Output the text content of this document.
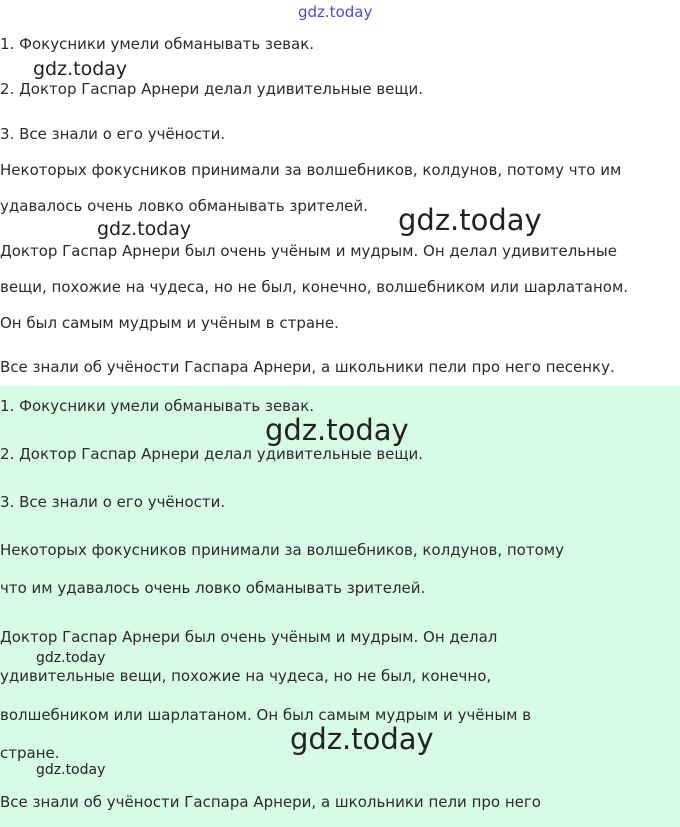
1. Фокусники умели обманывать зевак.
2. Доктор Гаспар Арнери делал удивительные вещи.
3. Все знали о его учёности.
Некоторых фокусников принимали за волшебников, колдунов, потому что им
удавалось очень ловко обманывать зрителей.
Доктор Гаспар Арнери был очень учёным и мудрым. Он делал удивительные
вещи, похожие на чудеса, но не был, конечно, волшебником или шарлатаном.
Он был самым мудрым и учёным в стране.
Все знали об учёности Гаспара Арнери, а школьники пели про него песенку.
1. Фокусники умели обманывать зевак.
2. Доктор Гаспар Арнери делал удивительные вещи.
3. Все знали о его учёности.
Некоторых фокусников принимали за волшебников, колдунов, потому
что им удавалось очень ловко обманывать зрителей.
Доктор Гаспар Арнери был очень учёным и мудрым. Он делал
удивительные вещи, похожие на чудеса, но не был, конечно,
волшебником или шарлатаном. Он был самым мудрым и учёным в
стране.
Все знали об учёности Гаспара Арнери, а школьники пели про него
gdz.today
gdz.today
gdz.today	gdz.today
gdz.today
gdz.today
gdz.today
gdz.today
